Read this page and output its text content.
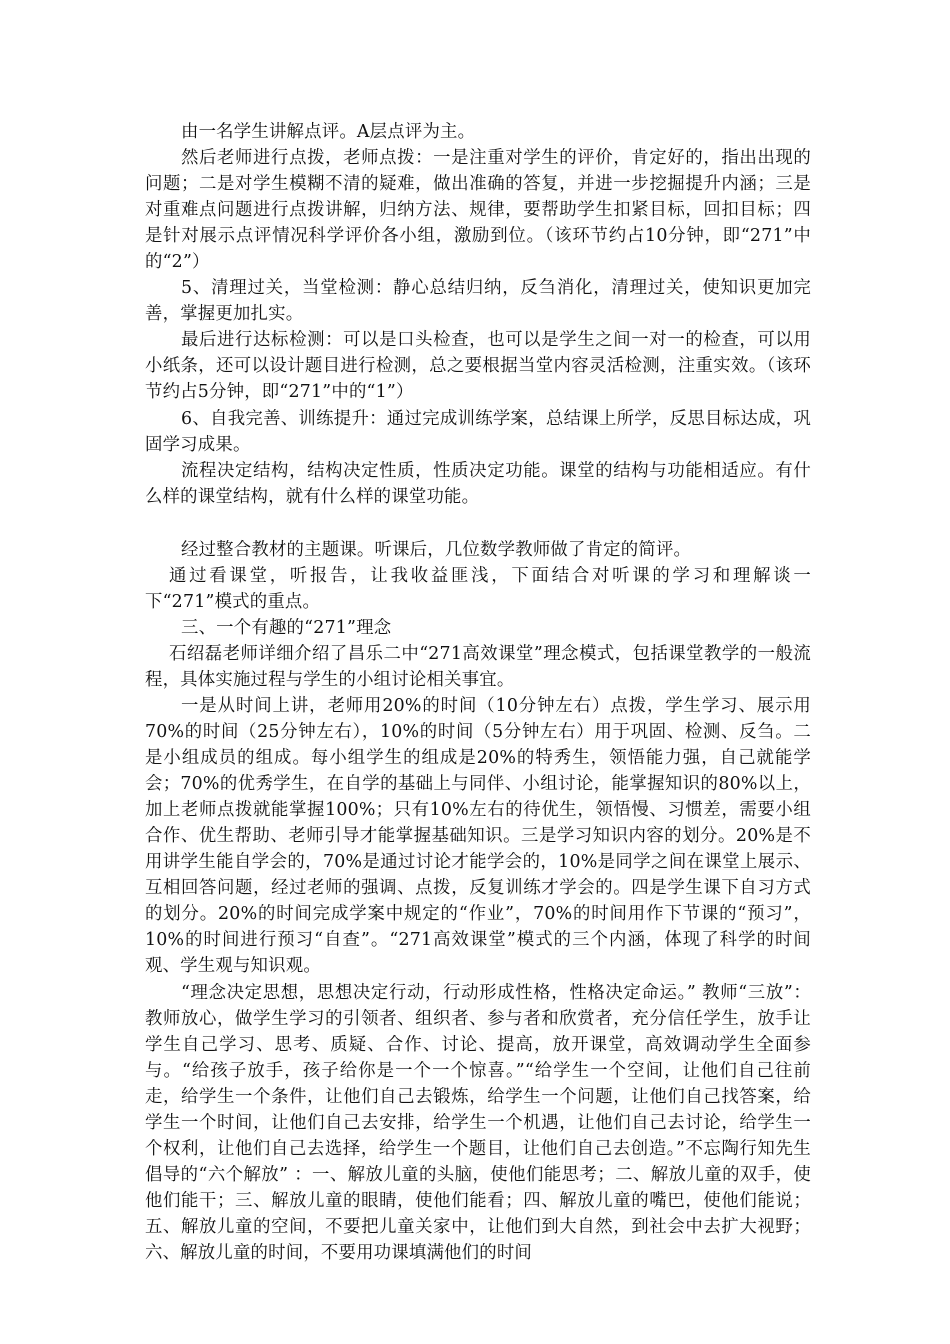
由一名学生讲解点评。A层点评为主。

然后老师进行点拨，老师点拨：一是注重对学生的评价，肯定好的，指出出现的问题；二是对学生模糊不清的疑难，做出准确的答复，并进一步挖掘提升内涵；三是对重难点问题进行点拨讲解，归纳方法、规律，要帮助学生扣紧目标，回扣目标；四是针对展示点评情况科学评价各小组，激励到位。（该环节约占10分钟，即“271”中的“2”）

5、清理过关，当堂检测：静心总结归纳，反刍消化，清理过关，使知识更加完善，掌握更加扎实。

最后进行达标检测：可以是口头检查，也可以是学生之间一对一的检查，可以用小纸条，还可以设计题目进行检测，总之要根据当堂内容灵活检测，注重实效。（该环节约占5分钟，即“271”中的“1”）

6、自我完善、训练提升：通过完成训练学案，总结课上所学，反思目标达成，巩固学习成果。

流程决定结构，结构决定性质，性质决定功能。课堂的结构与功能相适应。有什么样的课堂结构，就有什么样的课堂功能。

经过整合教材的主题课。听课后，几位数学教师做了肯定的简评。

通过看课堂，听报告，让我收益匪浅，下面结合对听课的学习和理解谈一下“271”模式的重点。

三、一个有趣的“271”理念

石绍磊老师详细介绍了昌乐二中“271高效课堂”理念模式，包括课堂教学的一般流程，具体实施过程与学生的小组讨论相关事宜。

一是从时间上讲，老师用20%的时间（10分钟左右）点拨，学生学习、展示用70%的时间（25分钟左右），10%的时间（5分钟左右）用于巩固、检测、反刍。二是小组成员的组成。每小组学生的组成是20%的特秀生，领悟能力强，自己就能学会；70%的优秀学生，在自学的基础上与同伴、小组讨论，能掌握知识的80%以上，加上老师点拨就能掌握100%；只有10%左右的待优生，领悟慢、习惯差，需要小组合作、优生帮助、老师引导才能掌握基础知识。三是学习知识内容的划分。20%是不用讲学生能自学会的，70%是通过讨论才能学会的，10%是同学之间在课堂上展示、互相回答问题，经过老师的强调、点拨，反复训练才学会的。四是学生课下自习方式的划分。20%的时间完成学案中规定的“作业”，70%的时间用作下节课的“预习”，10%的时间进行预习“自查”。“271高效课堂”模式的三个内涵，体现了科学的时间观、学生观与知识观。

“理念决定思想，思想决定行动，行动形成性格，性格决定命运。” 教师“三放”：教师放心，做学生学习的引领者、组织者、参与者和欣赏者，充分信任学生，放手让学生自己学习、思考、质疑、合作、讨论、提高，放开课堂，高效调动学生全面参与。“给孩子放手，孩子给你是一个一个惊喜。”“给学生一个空间，让他们自己往前走，给学生一个条件，让他们自己去锻炼，给学生一个问题，让他们自己找答案，给学生一个时间，让他们自己去安排，给学生一个机遇，让他们自己去讨论，给学生一个权利，让他们自己去选择，给学生一个题目，让他们自己去创造。”不忘陶行知先生倡导的“六个解放” ：一、解放儿童的头脑，使他们能思考；二、解放儿童的双手，使他们能干；三、解放儿童的眼睛，使他们能看；四、解放儿童的嘴巴，使他们能说；五、解放儿童的空间，不要把儿童关家中，让他们到大自然，到社会中去扩大视野；六、解放儿童的时间，不要用功课填满他们的时间
